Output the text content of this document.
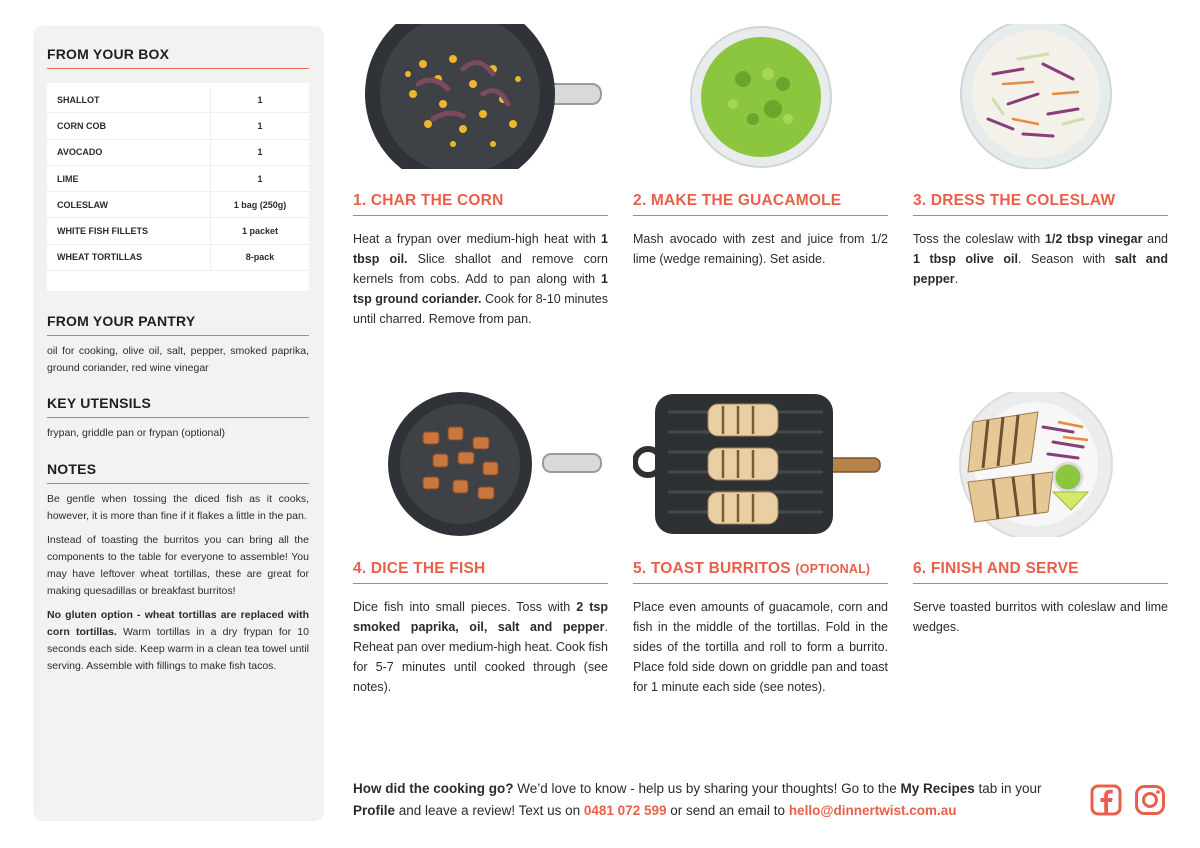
FROM YOUR BOX
SHALLOT	1
CORN COB	1
AVOCADO	1
LIME	1
COLESLAW	1 bag (250g)
WHITE FISH FILLETS	1 packet
WHEAT TORTILLAS	8-pack
FROM YOUR PANTRY
oil for cooking, olive oil, salt, pepper, smoked paprika, ground coriander, red wine vinegar
KEY UTENSILS
frypan, griddle pan or frypan (optional)
NOTES

Be gentle when tossing the diced fish as it cooks, however, it is more than fine if it flakes a little in the pan.

Instead of toasting the burritos you can bring all the components to the table for everyone to assemble! You may have leftover wheat tortillas, these are great for making quesadillas or breakfast burritos!

No gluten option - wheat tortillas are replaced with corn tortillas. Warm tortillas in a dry frypan for 10 seconds each side. Keep warm in a clean tea towel until serving. Assemble with fillings to make fish tacos.

1. CHAR THE CORN
Heat a frypan over medium-high heat with 1 tbsp oil. Slice shallot and remove corn kernels from cobs. Add to pan along with 1 tsp ground coriander. Cook for 8-10 minutes until charred. Remove from pan.
2. MAKE THE GUACAMOLE
Mash avocado with zest and juice from 1/2 lime (wedge remaining). Set aside.
3. DRESS THE COLESLAW
Toss the coleslaw with 1/2 tbsp vinegar and 1 tbsp olive oil. Season with salt and pepper.
4. DICE THE FISH
Dice fish into small pieces. Toss with 2 tsp smoked paprika, oil, salt and pepper. Reheat pan over medium-high heat. Cook fish for 5-7 minutes until cooked through (see notes).
5. TOAST BURRITOS (OPTIONAL)
Place even amounts of guacamole, corn and fish in the middle of the tortillas. Fold in the sides of the tortilla and roll to form a burrito. Place fold side down on griddle pan and toast for 1 minute each side (see notes).
6. FINISH AND SERVE
Serve toasted burritos with coleslaw and lime wedges.
How did the cooking go? We’d love to know - help us by sharing your thoughts! Go to the My Recipes tab in your Profile and leave a review! Text us on 0481 072 599 or send an email to hello@dinnertwist.com.au
